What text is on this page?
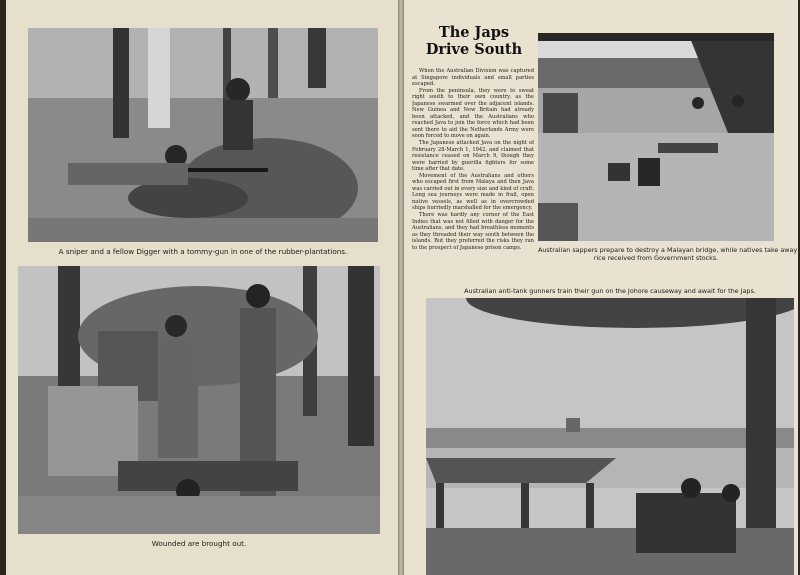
A sniper and a fellow Digger with a tommy-gun in one of the rubber-plantations.
Wounded are brought out.
The Japs
Drive South

When the Australian Division was captured at Singapore individuals and small parties escaped.

From the peninsula, they were to sweat right south to their own country, as the Japanese swarmed over the adjacent islands. New Guinea and New Britain had already been attacked, and the Australians who reached Java to join the force which had been sent there to aid the Netherlands Army were soon forced to move on again.

The Japanese attacked Java on the night of February 28-March 1, 1942, and claimed that resistance ceased on March 9, though they were harried by guerilla fighters for some time after that date.

Movement of the Australians and others who escaped first from Malaya and then Java was carried out in every size and kind of craft. Long sea journeys were made in frail, open native vessels, as well as in overcrowded ships hurriedly marshalled for the emergency.

There was hardly any corner of the East Indies that was not filled with danger for the Australians, and they had breathless moments as they threaded their way south between the islands. But they preferred the risks they ran to the prospect of Japanese prison camps.	Australian sappers prepare to destroy a Malayan bridge, while natives take away
rice received from Government stocks.
Australian anti-tank gunners train their gun on the Johore causeway and await for the Japs.
